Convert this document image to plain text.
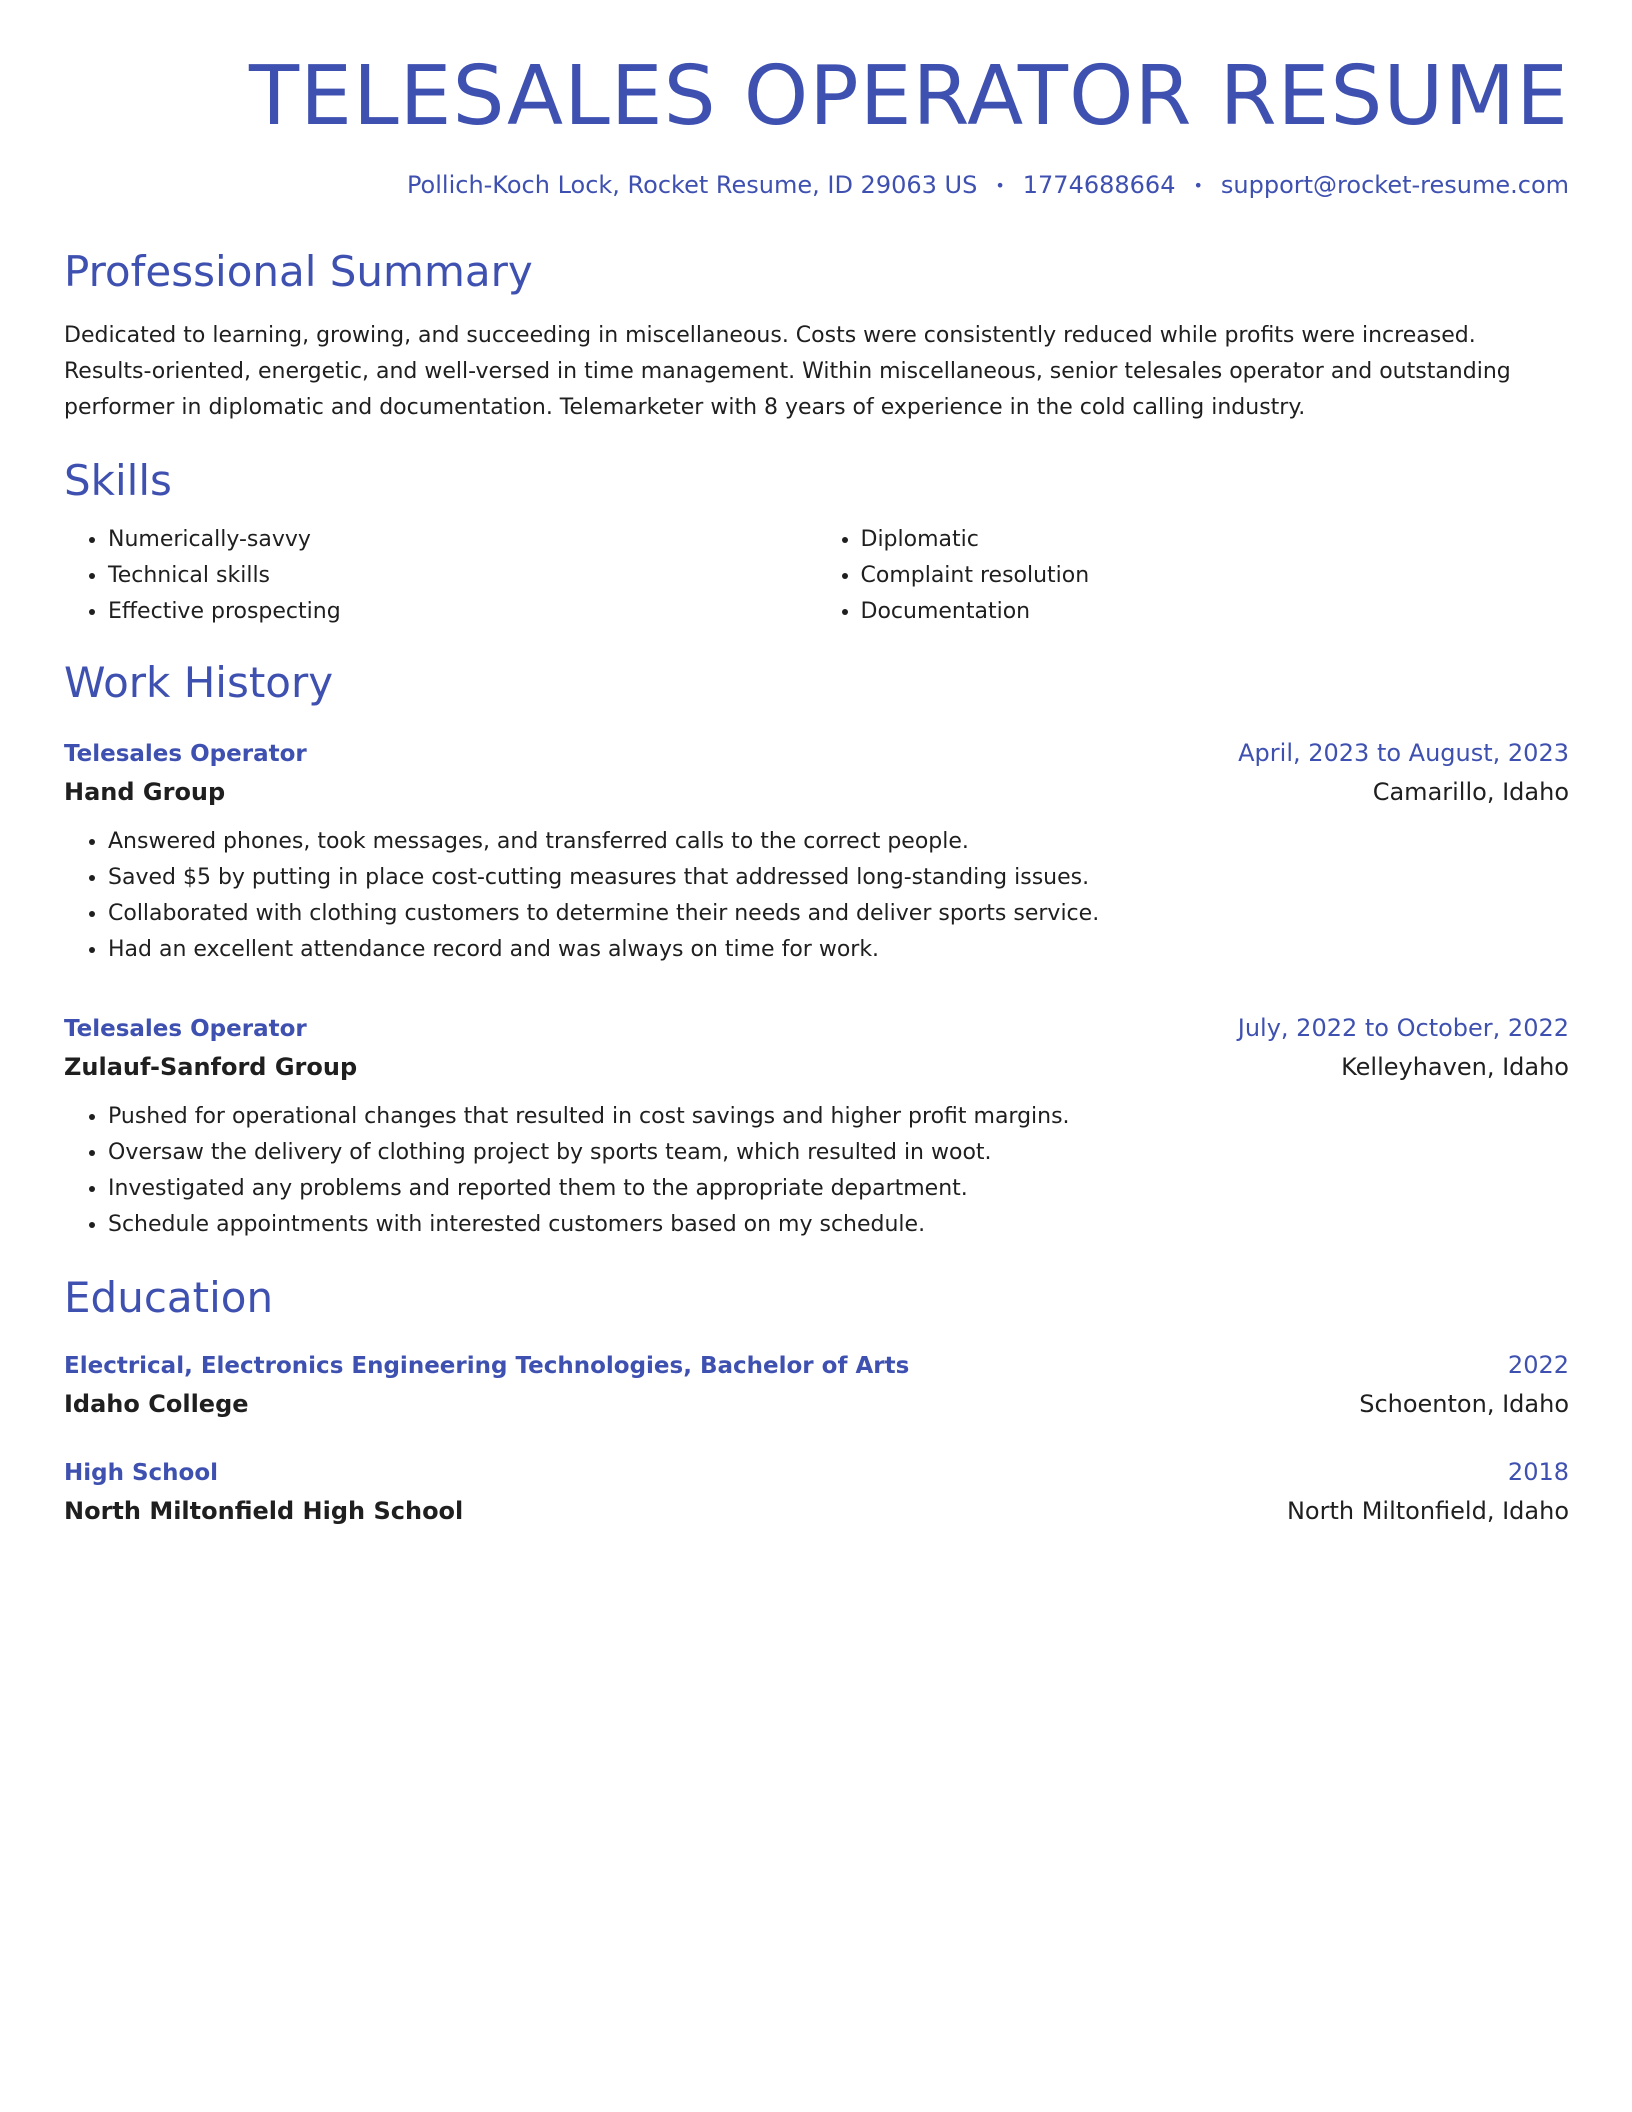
TELESALES OPERATOR RESUME
Pollich-Koch Lock, Rocket Resume, ID 29063 US • 1774688664 • support@rocket-resume.com
Professional Summary

Dedicated to learning, growing, and succeeding in miscellaneous. Costs were consistently reduced while profits were increased. Results-oriented, energetic, and well-versed in time management. Within miscellaneous, senior telesales operator and outstanding performer in diplomatic and documentation. Telemarketer with 8 years of experience in the cold calling industry.

Skills
• Numerically-savvy
• Technical skills
• Effective prospecting
• Diplomatic
• Complaint resolution
• Documentation
Work History
Telesales Operator	April, 2023 to August, 2023
Hand Group	Camarillo, Idaho
• Answered phones, took messages, and transferred calls to the correct people.
• Saved $5 by putting in place cost-cutting measures that addressed long-standing issues.
• Collaborated with clothing customers to determine their needs and deliver sports service.
• Had an excellent attendance record and was always on time for work.
Telesales Operator	July, 2022 to October, 2022
Zulauf-Sanford Group	Kelleyhaven, Idaho
• Pushed for operational changes that resulted in cost savings and higher profit margins.
• Oversaw the delivery of clothing project by sports team, which resulted in woot.
• Investigated any problems and reported them to the appropriate department.
• Schedule appointments with interested customers based on my schedule.
Education
Electrical, Electronics Engineering Technologies, Bachelor of Arts	2022
Idaho College	Schoenton, Idaho
High School	2018
North Miltonfield High School	North Miltonfield, Idaho
